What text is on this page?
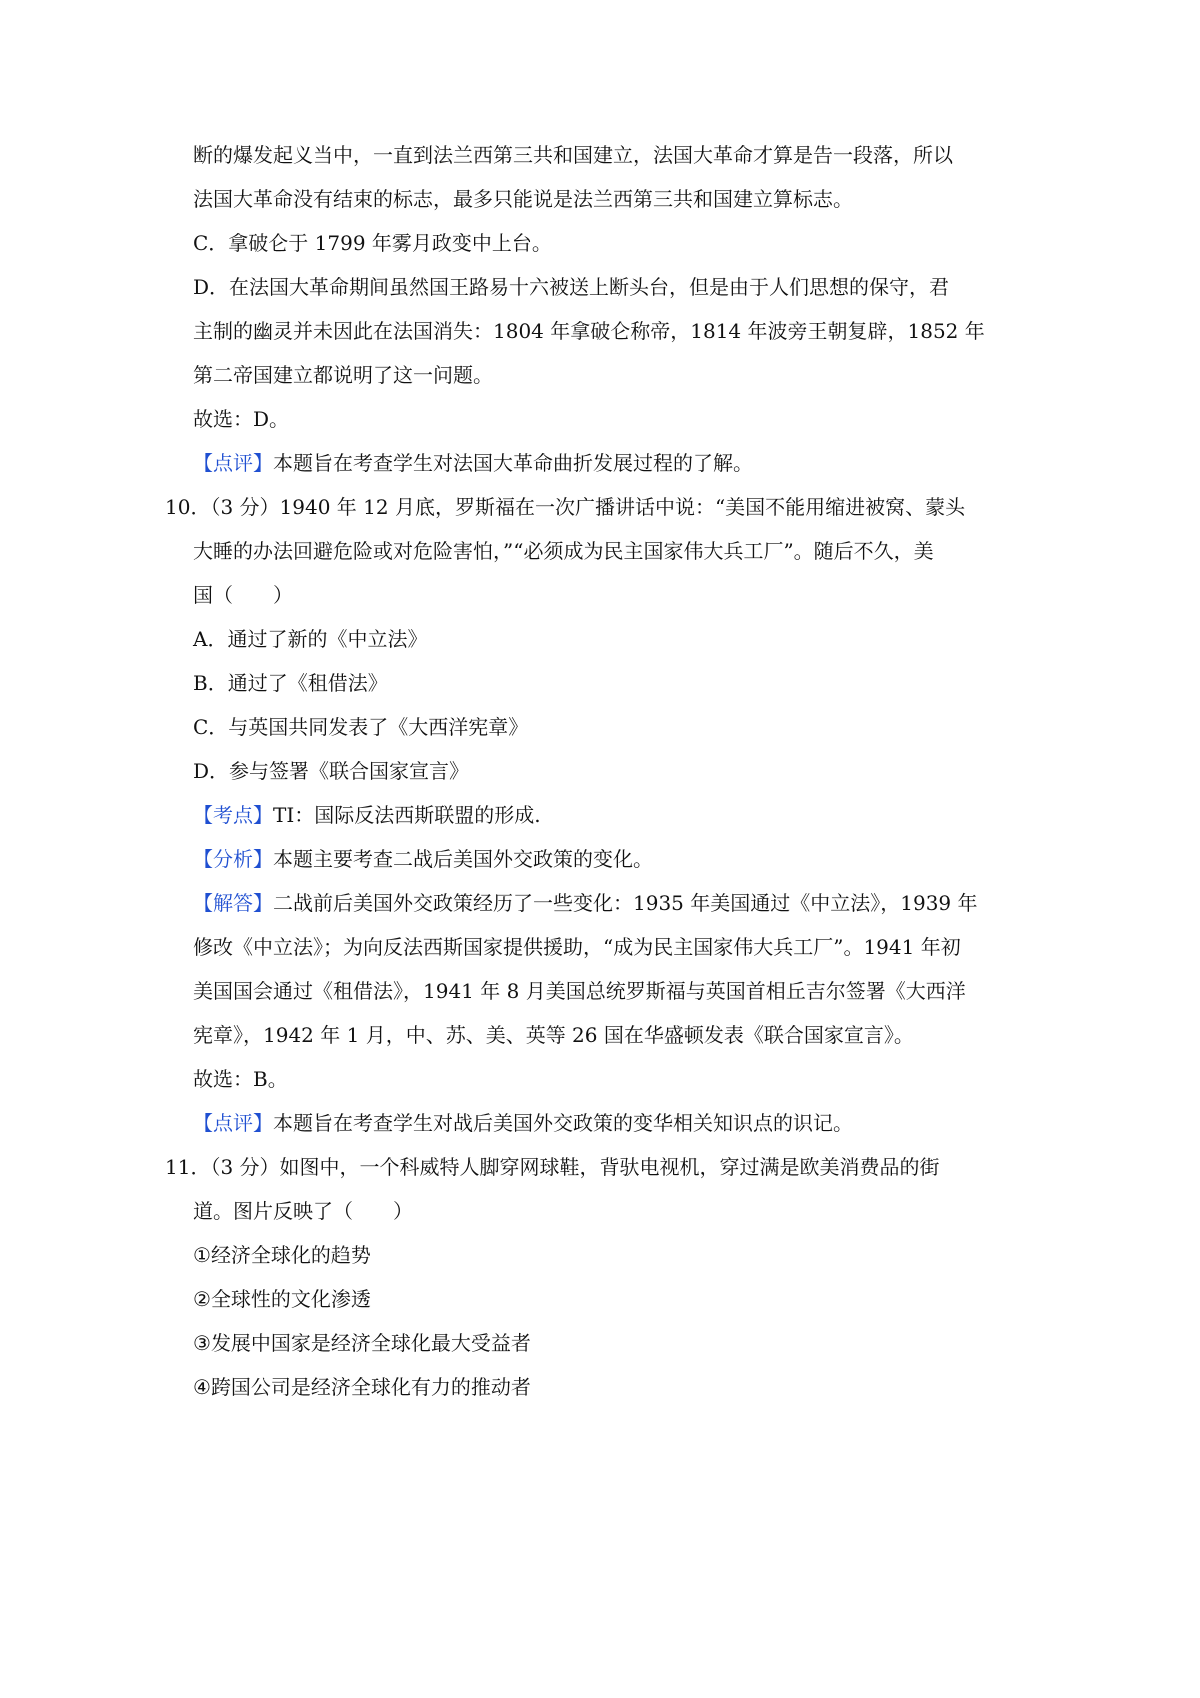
断的爆发起义当中，一直到法兰西第三共和国建立，法国大革命才算是告一段落，所以
法国大革命没有结束的标志，最多只能说是法兰西第三共和国建立算标志。
C．拿破仑于 1799 年雾月政变中上台。
D．在法国大革命期间虽然国王路易十六被送上断头台，但是由于人们思想的保守，君
主制的幽灵并未因此在法国消失：1804 年拿破仑称帝，1814 年波旁王朝复辟，1852 年
第二帝国建立都说明了这一问题。
故选：D。
【点评】本题旨在考查学生对法国大革命曲折发展过程的了解。
10．（3 分）1940 年 12 月底，罗斯福在一次广播讲话中说：“美国不能用缩进被窝、蒙头
大睡的办法回避危险或对危险害怕，”“必须成为民主国家伟大兵工厂”。随后不久，美
国（　　）
A．通过了新的《中立法》
B．通过了《租借法》
C．与英国共同发表了《大西洋宪章》
D．参与签署《联合国家宣言》
【考点】TI：国际反法西斯联盟的形成.
【分析】本题主要考查二战后美国外交政策的变化。
【解答】二战前后美国外交政策经历了一些变化：1935 年美国通过《中立法》，1939 年
修改《中立法》；为向反法西斯国家提供援助，“成为民主国家伟大兵工厂”。1941 年初
美国国会通过《租借法》，1941 年 8 月美国总统罗斯福与英国首相丘吉尔签署《大西洋
宪章》，1942 年 1 月，中、苏、美、英等 26 国在华盛顿发表《联合国家宣言》。
故选：B。
【点评】本题旨在考查学生对战后美国外交政策的变华相关知识点的识记。
11．（3 分）如图中，一个科威特人脚穿网球鞋，背驮电视机，穿过满是欧美消费品的街
道。图片反映了（　　）
①经济全球化的趋势
②全球性的文化渗透
③发展中国家是经济全球化最大受益者
④跨国公司是经济全球化有力的推动者
